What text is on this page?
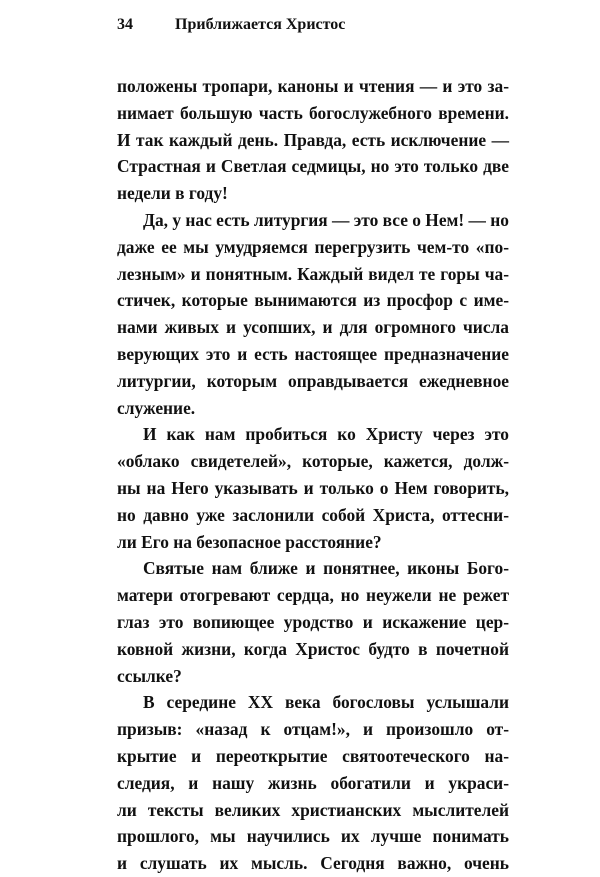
34	Приближается Христос
положены тропари, каноны и чтения — и это за-
нимает большую часть богослужебного времени.
И так каждый день. Правда, есть исключение —
Страстная и Светлая седмицы, но это только две
недели в году!
Да, у нас есть литургия — это все о Нем! — но
даже ее мы умудряемся перегрузить чем-то «по-
лезным» и понятным. Каждый видел те горы ча-
стичек, которые вынимаются из просфор с име-
нами живых и усопших, и для огромного числа
верующих это и есть настоящее предназначение
литургии, которым оправдывается ежедневное
служение.
И как нам пробиться ко Христу через это
«облако свидетелей», которые, кажется, долж-
ны на Него указывать и только о Нем говорить,
но давно уже заслонили собой Христа, оттесни-
ли Его на безопасное расстояние?
Святые нам ближе и понятнее, иконы Бого-
матери отогревают сердца, но неужели не режет
глаз это вопиющее уродство и искажение цер-
ковной жизни, когда Христос будто в почетной
ссылке?
В середине XX века богословы услышали
призыв: «назад к отцам!», и произошло от-
крытие и переоткрытие святоотеческого на-
следия, и нашу жизнь обогатили и украси-
ли тексты великих христианских мыслителей
прошлого, мы научились их лучше понимать
и слушать их мысль. Сегодня важно, очень
